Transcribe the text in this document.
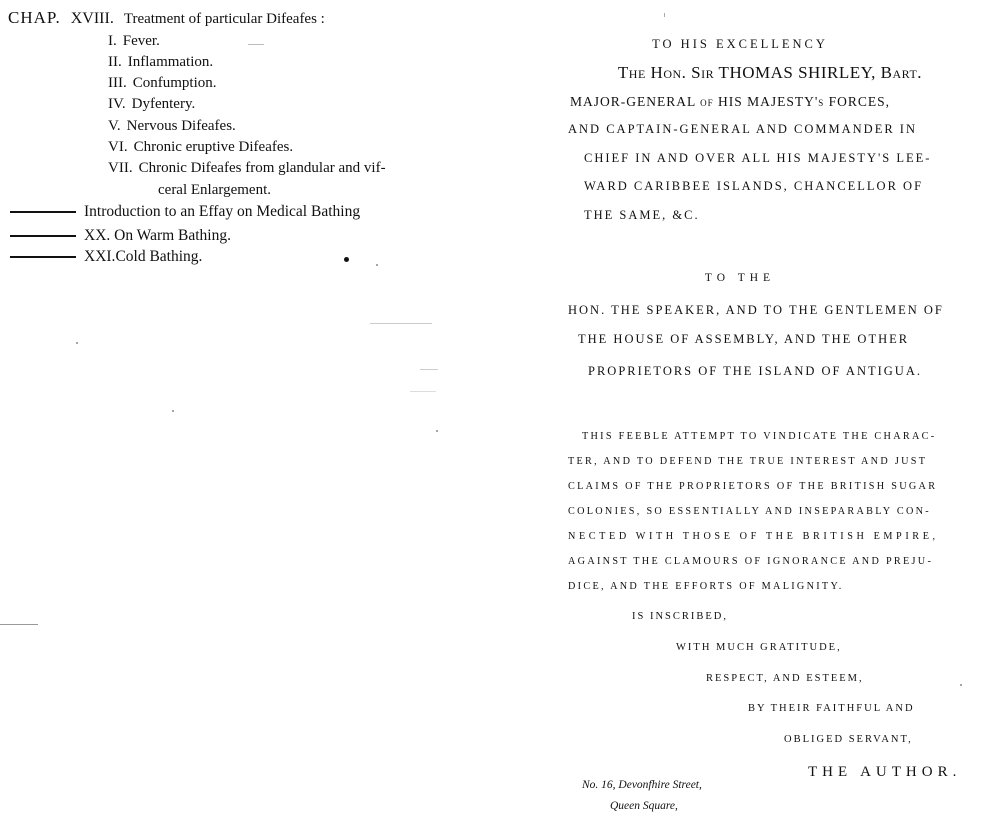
CHAP. XVIII. Treatment of particular Difeafes :
I. Fever.
II. Inflammation.
III. Confumption.
IV. Dyfentery.
V. Nervous Difeafes.
VI. Chronic eruptive Difeafes.
VII. Chronic Difeafes from glandular and vif-
ceral Enlargement.
Introduction to an Effay on Medical Bathing
XX. On Warm Bathing.
XXI. Cold Bathing.
TO HIS EXCELLENCY
The Hon. Sir THOMAS SHIRLEY, Bart.
MAJOR-GENERAL of HIS MAJESTY's FORCES,
AND CAPTAIN-GENERAL AND COMMANDER IN
CHIEF IN AND OVER ALL HIS MAJESTY'S LEE-
WARD CARIBBEE ISLANDS, CHANCELLOR OF
THE SAME, &C.
TO THE
HON. THE SPEAKER, AND TO THE GENTLEMEN OF
THE HOUSE OF ASSEMBLY, AND THE OTHER
PROPRIETORS OF THE ISLAND OF ANTIGUA.
THIS FEEBLE ATTEMPT TO VINDICATE THE CHARAC-
TER, AND TO DEFEND THE TRUE INTEREST AND JUST
CLAIMS OF THE PROPRIETORS OF THE BRITISH SUGAR
COLONIES, SO ESSENTIALLY AND INSEPARABLY CON-
NECTED WITH THOSE OF THE BRITISH EMPIRE,
AGAINST THE CLAMOURS OF IGNORANCE AND PREJU-
DICE, AND THE EFFORTS OF MALIGNITY.
IS INSCRIBED,
WITH MUCH GRATITUDE,
RESPECT, AND ESTEEM,
BY THEIR FAITHFUL AND
OBLIGED SERVANT,
THE AUTHOR.
No. 16, Devonfhire Street,
Queen Square,
